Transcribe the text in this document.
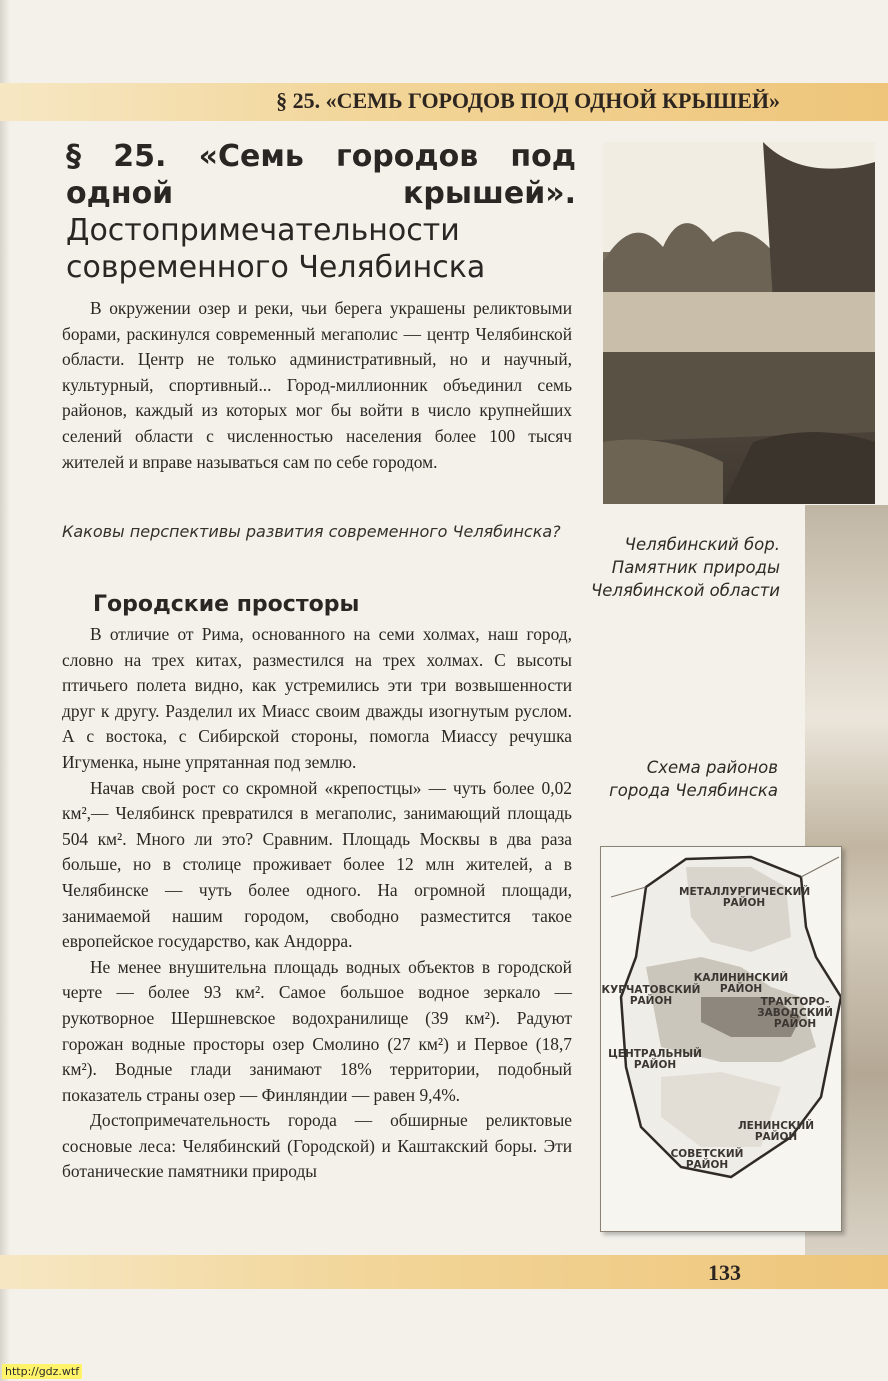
§ 25. «СЕМЬ ГОРОДОВ ПОД ОДНОЙ КРЫШЕЙ»
§ 25. «Семь городов под одной крышей». Достопримечательности современного Челябинска

В окружении озер и реки, чьи берега украшены реликтовыми борами, раскинулся современный мегаполис — центр Челябинской области. Центр не только административный, но и научный, культурный, спортивный... Город-миллионник объединил семь районов, каждый из которых мог бы войти в число крупнейших селений области с численностью населения более 100 тысяч жителей и вправе называться сам по себе городом.

Каковы перспективы развития современного Челябинска?
Городские просторы

В отличие от Рима, основанного на семи холмах, наш город, словно на трех китах, разместился на трех холмах. С высоты птичьего полета видно, как устремились эти три возвышенности друг к другу. Разделил их Миасс своим дважды изогнутым руслом. А с востока, с Сибирской стороны, помогла Миассу речушка Игуменка, ныне упрятанная под землю.

Начав свой рост со скромной «крепостцы» — чуть более 0,02 км²,— Челябинск превратился в мегаполис, занимающий площадь 504 км². Много ли это? Сравним. Площадь Москвы в два раза больше, но в столице проживает более 12 млн жителей, а в Челябинске — чуть более одного. На огромной площади, занимаемой нашим городом, свободно разместится такое европейское государство, как Андорра.

Не менее внушительна площадь водных объектов в городской черте — более 93 км². Самое большое водное зеркало — рукотворное Шершневское водохранилище (39 км²). Радуют горожан водные просторы озер Смолино (27 км²) и Первое (18,7 км²). Водные глади занимают 18% территории, подобный показатель страны озер — Финляндии — равен 9,4%.

Достопримечательность города — обширные реликтовые сосновые леса: Челябинский (Городской) и Каштакский боры. Эти ботанические памятники природы

Челябинский бор. Памятник природы Челябинской области
Схема районов города Челябинска
МЕТАЛЛУРГИЧЕСКИЙ
РАЙОН
КАЛИНИНСКИЙ
РАЙОН
КУРЧАТОВСКИЙ
РАЙОН	ТРАКТОРО-
ЗАВОДСКИЙ
РАЙОН
ЦЕНТРАЛЬНЫЙ
РАЙОН
ЛЕНИНСКИЙ
РАЙОН
СОВЕТСКИЙ
РАЙОН
133
http://gdz.wtf
